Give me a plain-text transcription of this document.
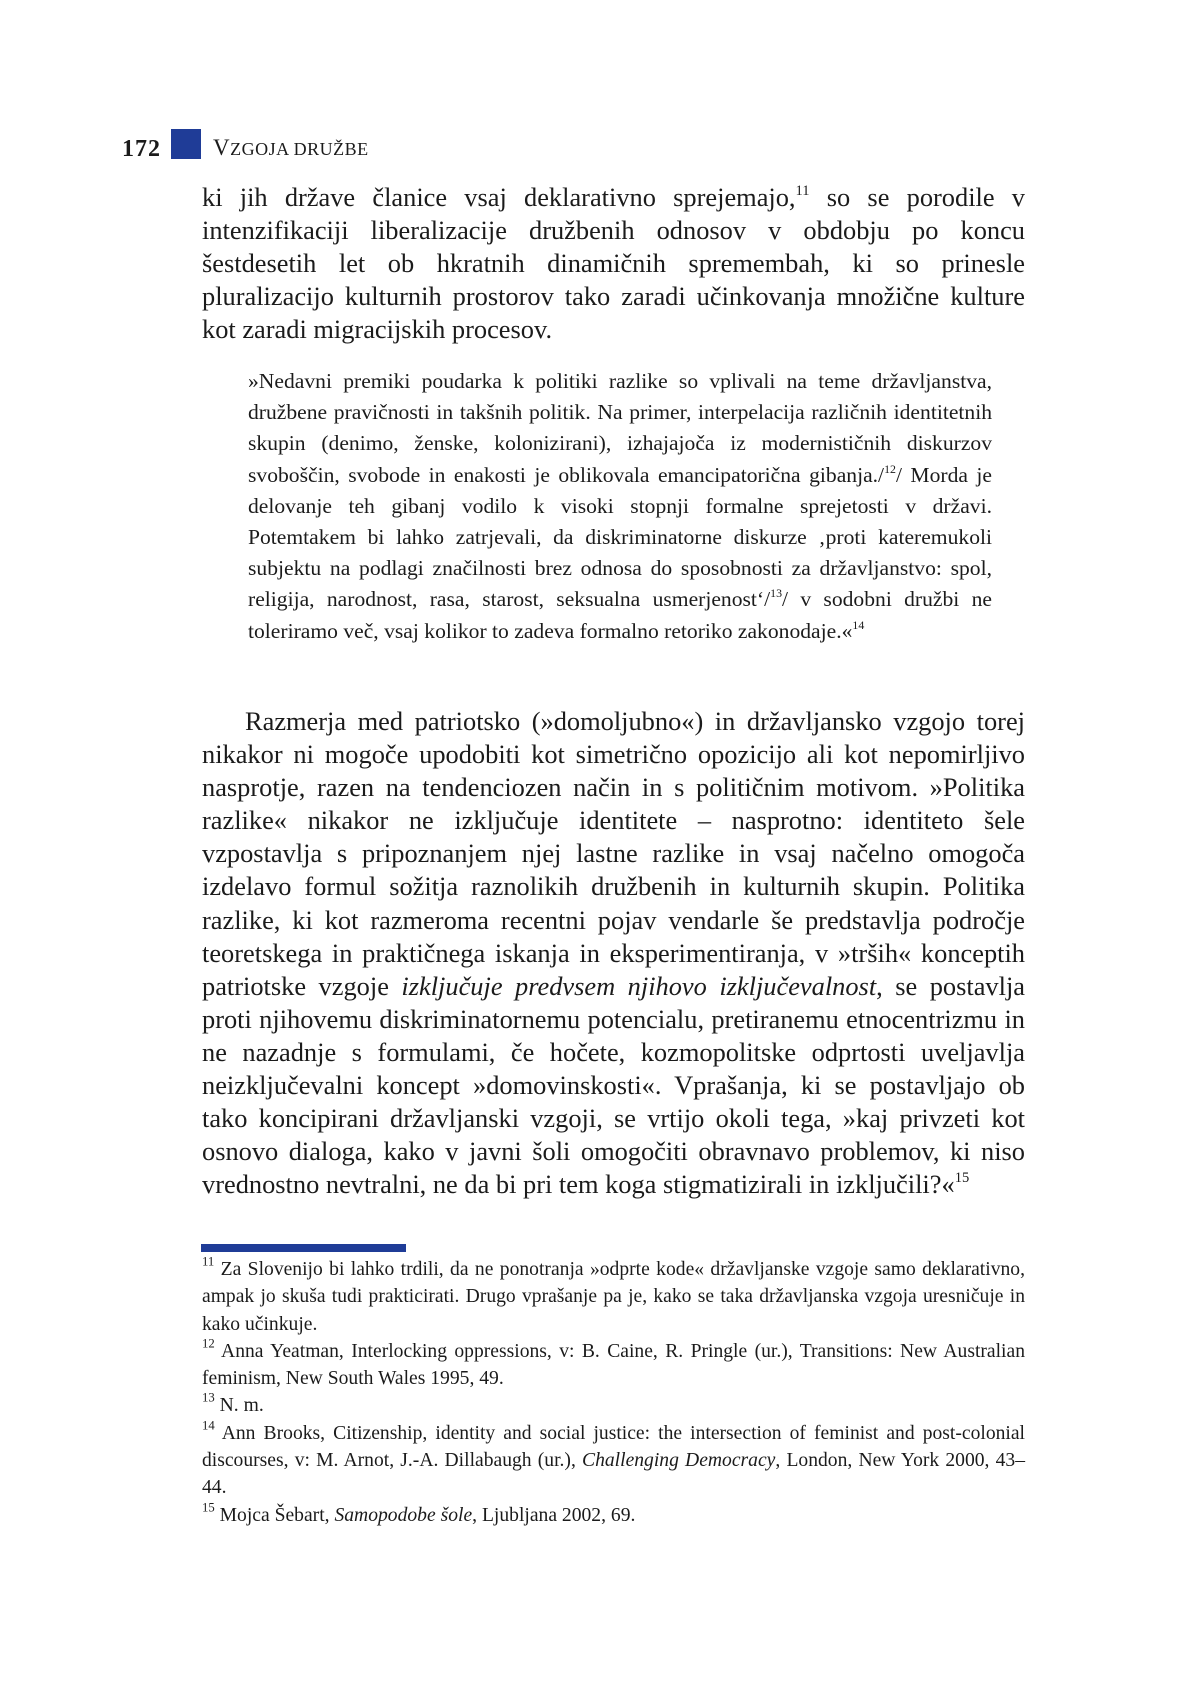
172 VZGOJA DRUŽBE

ki jih države članice vsaj deklarativno sprejemajo,$^{11}$ so se porodile v intenzifikaciji liberalizacije družbenih odnosov v obdobju po koncu šestdesetih let ob hkratnih dinamičnih spremembah, ki so prinesle pluralizacijo kulturnih prostorov tako zaradi učinkovanja množične kulture kot zaradi migracijskih procesov.

»Nedavni premiki poudarka k politiki razlike so vplivali na teme državljanstva, družbene pravičnosti in takšnih politik. Na primer, interpelacija različnih identitetnih skupin (denimo, ženske, kolonizirani), izhajajoča iz modernističnih diskurzov svoboščin, svobode in enakosti je oblikovala emancipatorična gibanja./$^{12}$/ Morda je delovanje teh gibanj vodilo k visoki stopnji formalne sprejetosti v državi. Potemtakem bi lahko zatrjevali, da diskriminatorne diskurze ‚proti kateremukoli subjektu na podlagi značilnosti brez odnosa do sposobnosti za državljanstvo: spol, religija, narodnost, rasa, starost, seksualna usmerjenost‘/$^{13}$/ v sodobni družbi ne toleriramo več, vsaj kolikor to zadeva formalno retoriko zakonodaje.«$^{14}$

Razmerja med patriotsko (»domoljubno«) in državljansko vzgojo torej nikakor ni mogoče upodobiti kot simetrično opozicijo ali kot nepomirljivo nasprotje, razen na tendenciozen način in s političnim motivom. »Politika razlike« nikakor ne izključuje identitete – nasprotno: identiteto šele vzpostavlja s pripoznanjem njej lastne razlike in vsaj načelno omogoča izdelavo formul sožitja raznolikih družbenih in kulturnih skupin. Politika razlike, ki kot razmeroma recentni pojav vendarle še predstavlja področje teoretskega in praktičnega iskanja in eksperimentiranja, v »trših« konceptih patriotske vzgoje izključuje predvsem njihovo izključevalnost, se postavlja proti njihovemu diskriminatornemu potencialu, pretiranemu etnocentrizmu in ne nazadnje s formulami, če hočete, kozmopolitske odprtosti uveljavlja neizključevalni koncept »domovinskosti«. Vprašanja, ki se postavljajo ob tako koncipirani državljanski vzgoji, se vrtijo okoli tega, »kaj privzeti kot osnovo dialoga, kako v javni šoli omogočiti obravnavo problemov, ki niso vrednostno nevtralni, ne da bi pri tem koga stigmatizirali in izključili?«$^{15}$

$^{11}$ Za Slovenijo bi lahko trdili, da ne ponotranja »odprte kode« državljanske vzgoje samo deklarativno, ampak jo skuša tudi prakticirati. Drugo vprašanje pa je, kako se taka državljanska vzgoja uresničuje in kako učinkuje.

$^{12}$ Anna Yeatman, Interlocking oppressions, v: B. Caine, R. Pringle (ur.), Transitions: New Australian feminism, New South Wales 1995, 49.

$^{13}$ N. m.

$^{14}$ Ann Brooks, Citizenship, identity and social justice: the intersection of feminist and post-colonial discourses, v: M. Arnot, J.-A. Dillabaugh (ur.), Challenging Democracy, London, New York 2000, 43–44.

$^{15}$ Mojca Šebart, Samopodobe šole, Ljubljana 2002, 69.
